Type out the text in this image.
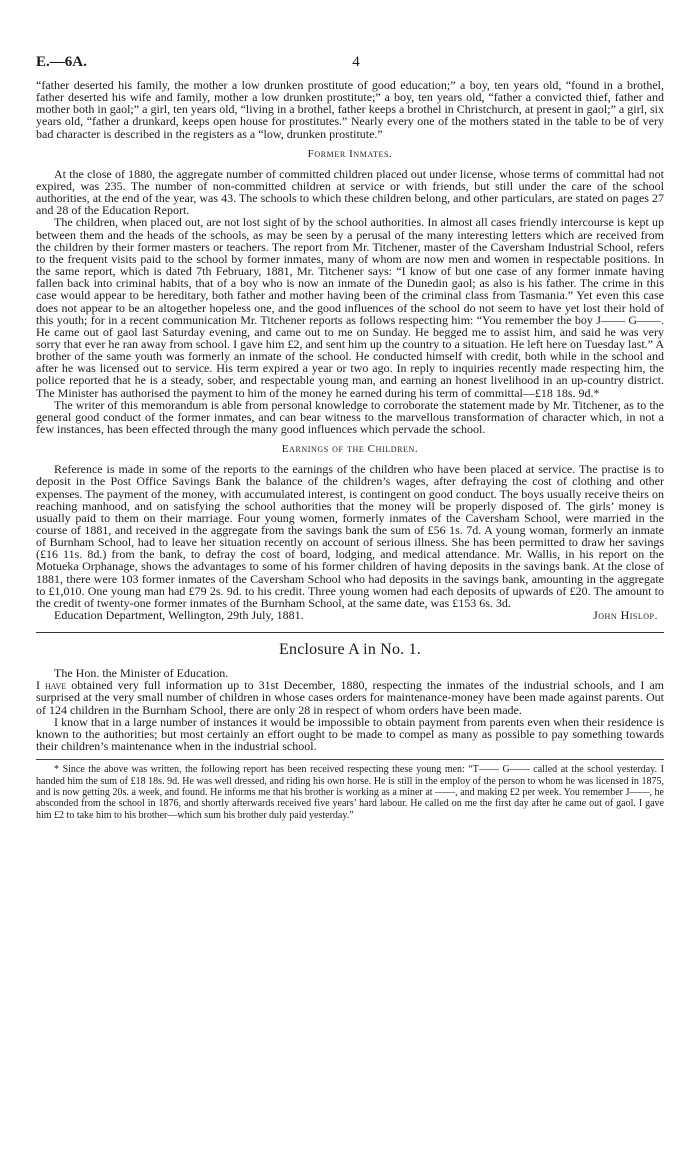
E.—6A.	4

“father deserted his family, the mother a low drunken prostitute of good education;” a boy, ten years old, “found in a brothel, father deserted his wife and family, mother a low drunken prostitute;” a boy, ten years old, “father a convicted thief, father and mother both in gaol;” a girl, ten years old, “living in a brothel, father keeps a brothel in Christchurch, at present in gaol;” a girl, six years old, “father a drunkard, keeps open house for prostitutes.” Nearly every one of the mothers stated in the table to be of very bad character is described in the registers as a “low, drunken prostitute.”

Former Inmates.

At the close of 1880, the aggregate number of committed children placed out under license, whose terms of committal had not expired, was 235. The number of non-committed children at service or with friends, but still under the care of the school authorities, at the end of the year, was 43. The schools to which these children belong, and other particulars, are stated on pages 27 and 28 of the Education Report.

The children, when placed out, are not lost sight of by the school authorities. In almost all cases friendly intercourse is kept up between them and the heads of the schools, as may be seen by a perusal of the many interesting letters which are received from the children by their former masters or teachers. The report from Mr. Titchener, master of the Caversham Industrial School, refers to the frequent visits paid to the school by former inmates, many of whom are now men and women in respectable positions. In the same report, which is dated 7th February, 1881, Mr. Titchener says: “I know of but one case of any former inmate having fallen back into criminal habits, that of a boy who is now an inmate of the Dunedin gaol; as also is his father. The crime in this case would appear to be hereditary, both father and mother having been of the criminal class from Tasmania.” Yet even this case does not appear to be an altogether hopeless one, and the good influences of the school do not seem to have yet lost their hold of this youth; for in a recent communication Mr. Titchener reports as follows respecting him: “You remember the boy J—— G——. He came out of gaol last Saturday evening, and came out to me on Sunday. He begged me to assist him, and said he was very sorry that ever he ran away from school. I gave him £2, and sent him up the country to a situation. He left here on Tuesday last.” A brother of the same youth was formerly an inmate of the school. He conducted himself with credit, both while in the school and after he was licensed out to service. His term expired a year or two ago. In reply to inquiries recently made respecting him, the police reported that he is a steady, sober, and respectable young man, and earning an honest livelihood in an up-country district. The Minister has authorised the payment to him of the money he earned during his term of committal—£18 18s. 9d.*

The writer of this memorandum is able from personal knowledge to corroborate the statement made by Mr. Titchener, as to the general good conduct of the former inmates, and can bear witness to the marvellous transformation of character which, in not a few instances, has been effected through the many good influences which pervade the school.

Earnings of the Children.

Reference is made in some of the reports to the earnings of the children who have been placed at service. The practise is to deposit in the Post Office Savings Bank the balance of the children’s wages, after defraying the cost of clothing and other expenses. The payment of the money, with accumulated interest, is contingent on good conduct. The boys usually receive theirs on reaching manhood, and on satisfying the school authorities that the money will be properly disposed of. The girls’ money is usually paid to them on their marriage. Four young women, formerly inmates of the Caversham School, were married in the course of 1881, and received in the aggregate from the savings bank the sum of £56 1s. 7d. A young woman, formerly an inmate of Burnham School, had to leave her situation recently on account of serious illness. She has been permitted to draw her savings (£16 11s. 8d.) from the bank, to defray the cost of board, lodging, and medical attendance. Mr. Wallis, in his report on the Motueka Orphanage, shows the advantages to some of his former children of having deposits in the savings bank. At the close of 1881, there were 103 former inmates of the Caversham School who had deposits in the savings bank, amounting in the aggregate to £1,010. One young man had £79 2s. 9d. to his credit. Three young women had each deposits of upwards of £20. The amount to the credit of twenty-one former inmates of the Burnham School, at the same date, was £153 6s. 3d.

Education Department, Wellington, 29th July, 1881.	John Hislop.
Enclosure A in No. 1.
The Hon. the Minister of Education.

I have obtained very full information up to 31st December, 1880, respecting the inmates of the industrial schools, and I am surprised at the very small number of children in whose cases orders for maintenance-money have been made against parents. Out of 124 children in the Burnham School, there are only 28 in respect of whom orders have been made.

I know that in a large number of instances it would be impossible to obtain payment from parents even when their residence is known to the authorities; but most certainly an effort ought to be made to compel as many as possible to pay something towards their children’s maintenance when in the industrial school.

* Since the above was written, the following report has been received respecting these young men: “T—— G—— called at the school yesterday. I handed him the sum of £18 18s. 9d. He was well dressed, and riding his own horse. He is still in the employ of the person to whom he was licensed in 1875, and is now getting 20s. a week, and found. He informs me that his brother is working as a miner at ——, and making £2 per week. You remember J——, he absconded from the school in 1876, and shortly afterwards received five years’ hard labour. He called on me the first day after he came out of gaol. I gave him £2 to take him to his brother—which sum his brother duly paid yesterday.”
